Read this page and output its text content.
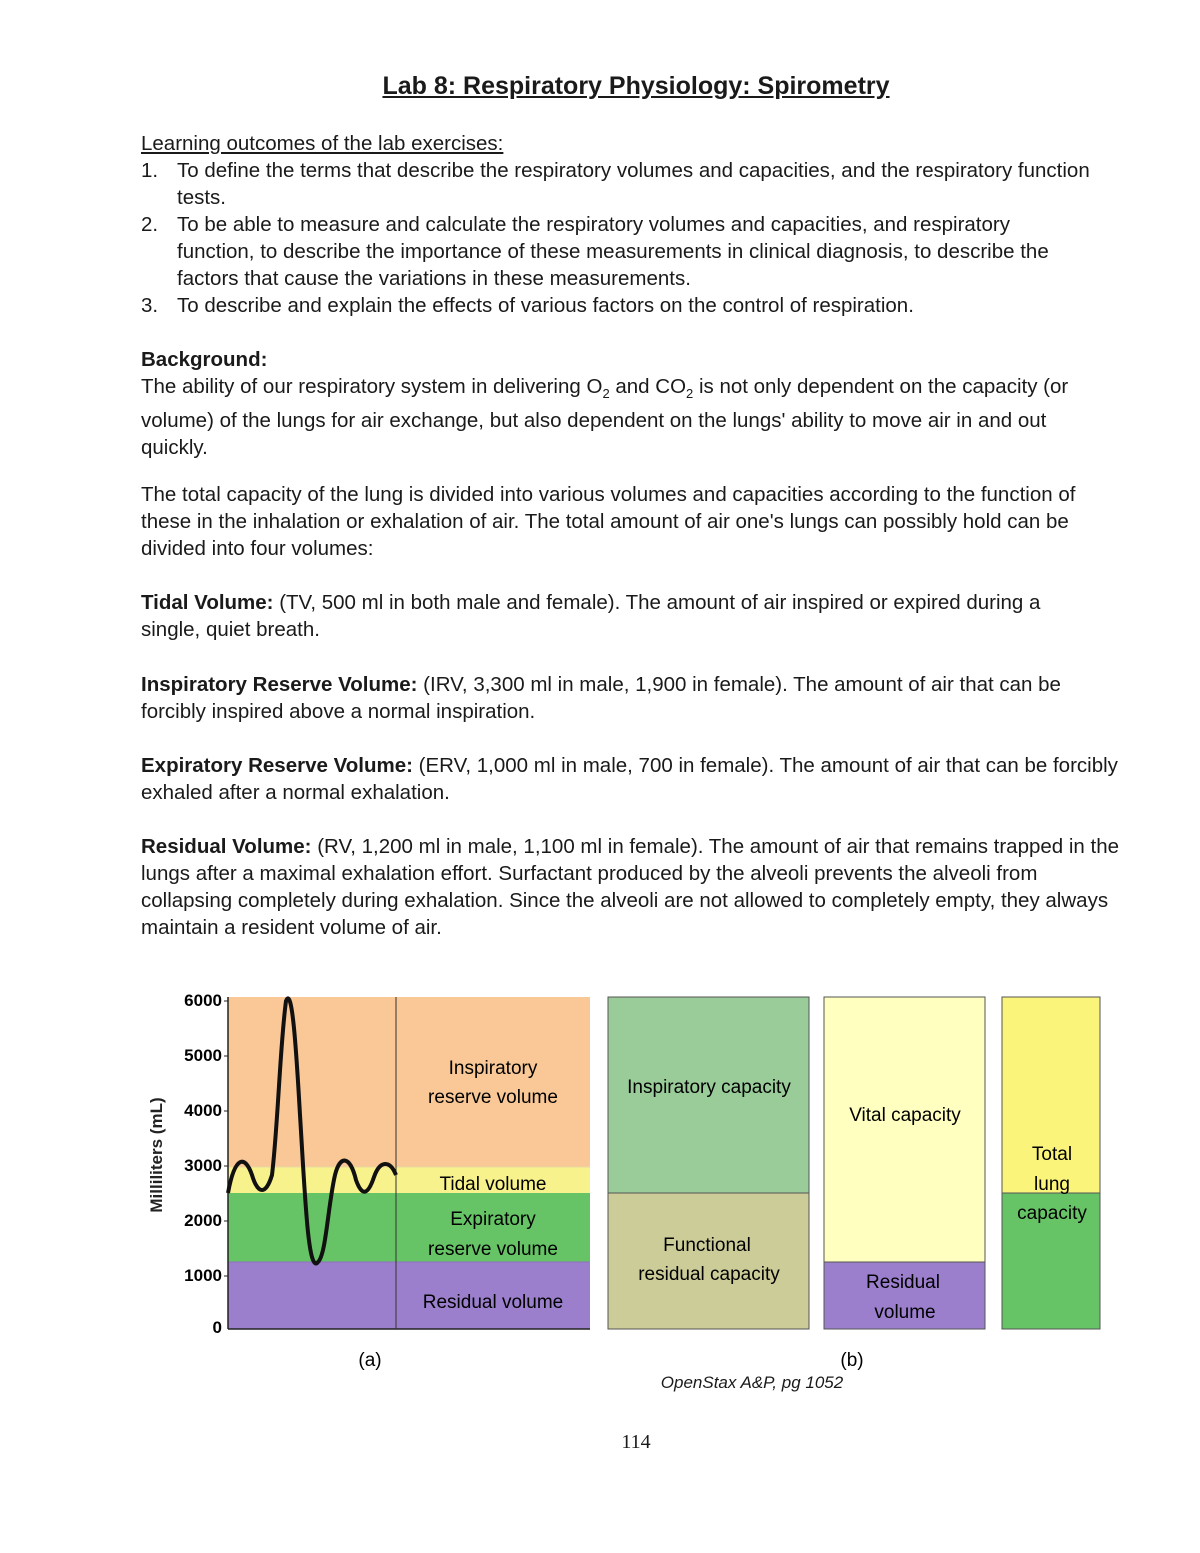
Lab 8: Respiratory Physiology: Spirometry
Learning outcomes of the lab exercises:
1. To define the terms that describe the respiratory volumes and capacities, and the respiratory function tests.
2. To be able to measure and calculate the respiratory volumes and capacities, and respiratory function, to describe the importance of these measurements in clinical diagnosis, to describe the factors that cause the variations in these measurements.
3. To describe and explain the effects of various factors on the control of respiration.
Background:
The ability of our respiratory system in delivering $O_2$ and $CO_2$ is not only dependent on the capacity (or volume) of the lungs for air exchange, but also dependent on the lungs' ability to move air in and out quickly.
The total capacity of the lung is divided into various volumes and capacities according to the function of these in the inhalation or exhalation of air. The total amount of air one's lungs can possibly hold can be divided into four volumes:
Tidal Volume: (TV, 500 ml in both male and female). The amount of air inspired or expired during a single, quiet breath.
Inspiratory Reserve Volume: (IRV, 3,300 ml in male, 1,900 in female). The amount of air that can be forcibly inspired above a normal inspiration.
Expiratory Reserve Volume: (ERV, 1,000 ml in male, 700 in female). The amount of air that can be forcibly exhaled after a normal exhalation.
Residual Volume: (RV, 1,200 ml in male, 1,100 ml in female). The amount of air that remains trapped in the lungs after a maximal exhalation effort. Surfactant produced by the alveoli prevents the alveoli from collapsing completely during exhalation. Since the alveoli are not allowed to completely empty, they always maintain a resident volume of air.
Milliliters (mL)
6000
5000
4000
3000
2000
1000
0
Inspiratory
reserve volume
Tidal volume
Expiratory
reserve volume
Residual volume
Inspiratory capacity
Functional
residual capacity
Vital capacity
Residual
volume
Total
lung
capacity
(a)	(b)
OpenStax A&P, pg 1052
114
